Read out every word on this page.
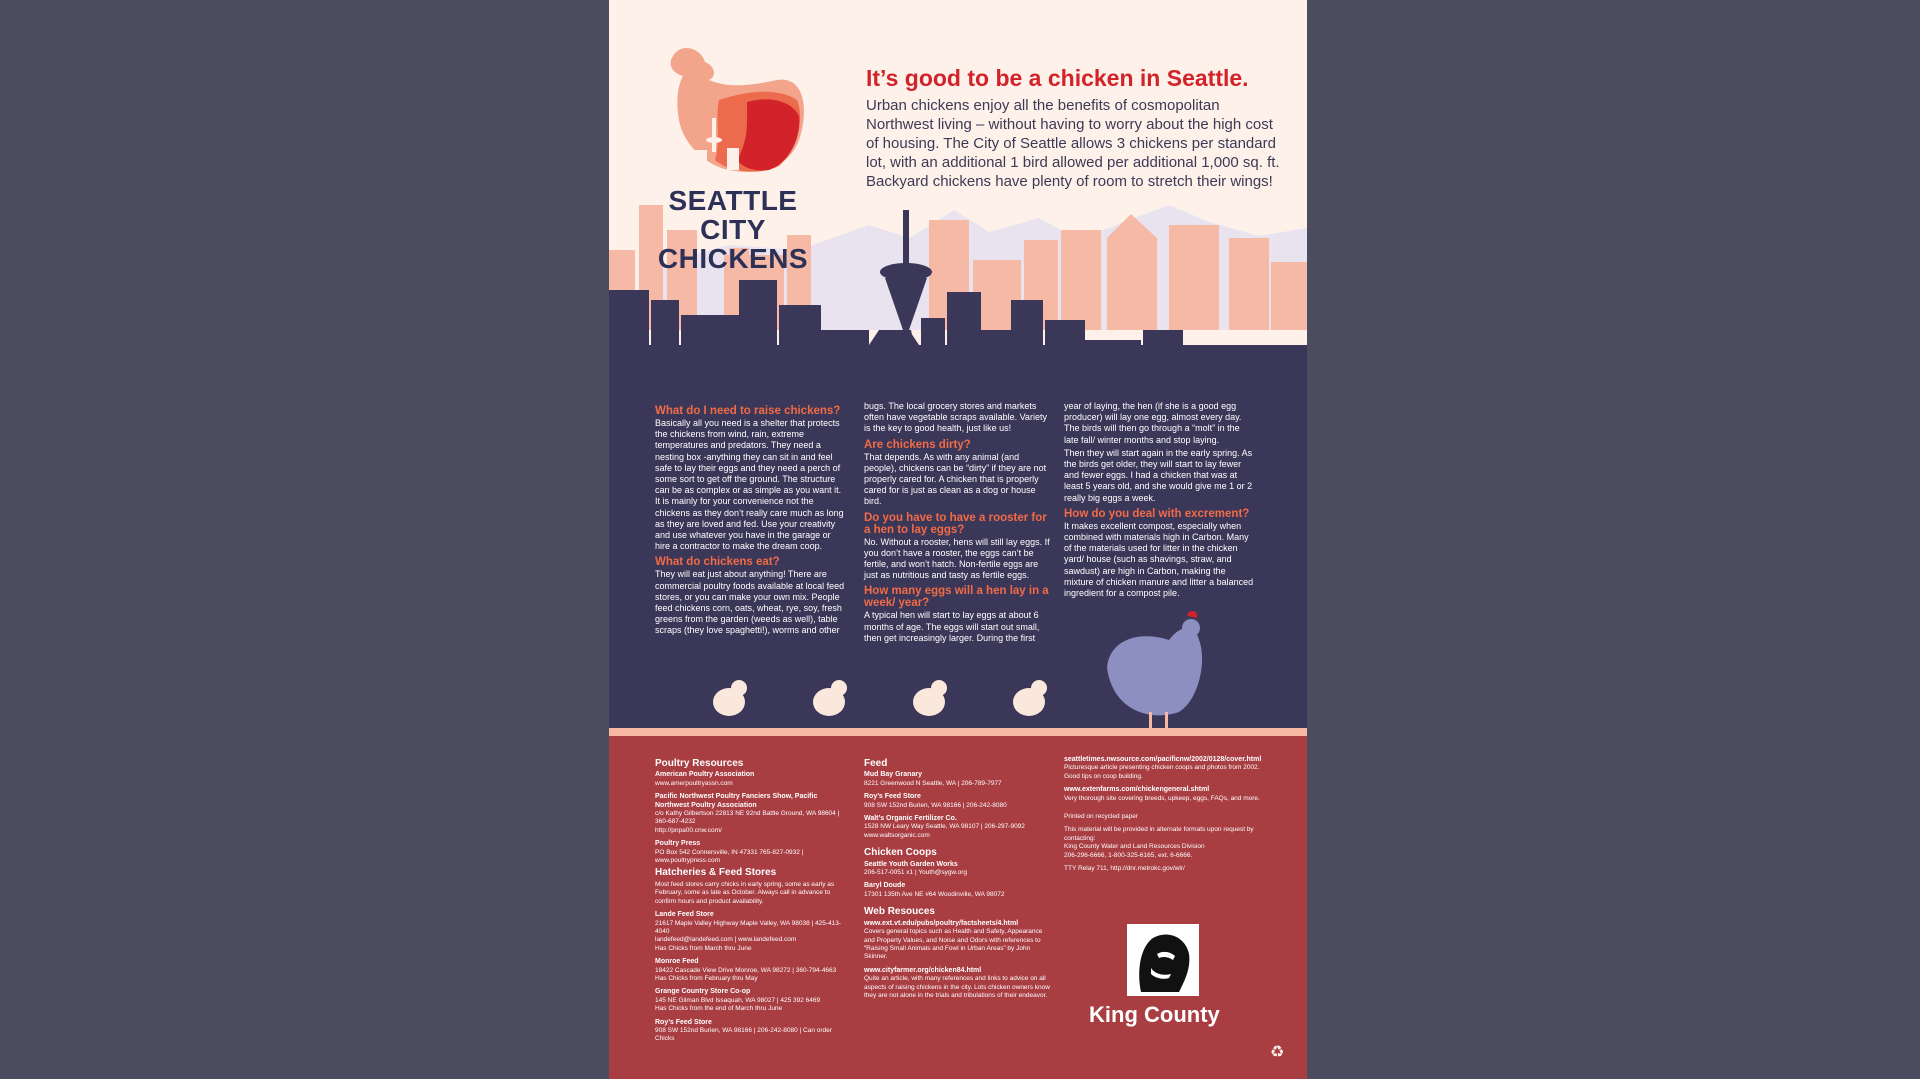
SEATTLE CITY
CHICKENS
It’s good to be a chicken in Seattle.
Urban chickens enjoy all the benefits of cosmopolitan Northwest living – without having to worry about the high cost of housing. The City of Seattle allows 3 chickens per standard lot, with an additional 1 bird allowed per additional 1,000 sq. ft. Backyard chickens have plenty of room to stretch their wings!
What do I need to raise chickens?

Basically all you need is a shelter that protects the chickens from wind, rain, extreme temperatures and predators. They need a nesting box -anything they can sit in and feel safe to lay their eggs and they need a perch of some sort to get off the ground. The structure can be as complex or as simple as you want it. It is mainly for your convenience not the chickens as they don’t really care much as long as they are loved and fed. Use your creativity and use whatever you have in the garage or hire a contractor to make the dream coop.

What do chickens eat?

They will eat just about anything! There are commercial poultry foods available at local feed stores, or you can make your own mix. People feed chickens corn, oats, wheat, rye, soy, fresh greens from the garden (weeds as well), table scraps (they love spaghetti!), worms and other

bugs. The local grocery stores and markets often have vegetable scraps available. Variety is the key to good health, just like us!

Are chickens dirty?

That depends. As with any animal (and people), chickens can be “dirty” if they are not properly cared for. A chicken that is properly cared for is just as clean as a dog or house bird.

Do you have to have a rooster for a hen to lay eggs?

No. Without a rooster, hens will still lay eggs. If you don’t have a rooster, the eggs can’t be fertile, and won’t hatch. Non-fertile eggs are just as nutritious and tasty as fertile eggs.

How many eggs will a hen lay in a week/ year?

A typical hen will start to lay eggs at about 6 months of age. The eggs will start out small, then get increasingly larger. During the first

year of laying, the hen (if she is a good egg producer) will lay one egg, almost every day. The birds will then go through a “molt” in the late fall/ winter months and stop laying.

Then they will start again in the early spring. As the birds get older, they will start to lay fewer and fewer eggs. I had a chicken that was at least 5 years old, and she would give me 1 or 2 really big eggs a week.

How do you deal with excrement?

It makes excellent compost, especially when combined with materials high in Carbon. Many of the materials used for litter in the chicken yard/ house (such as shavings, straw, and sawdust) are high in Carbon, making the mixture of chicken manure and litter a balanced ingredient for a compost pile.

Poultry Resources
American Poultry Association
www.amerpoultryassn.com
Pacific Northwest Poultry Fanciers Show, Pacific Northwest Poultry Association
c/o Kathy Gilbertson 22813 NE 92nd Battle Ground, WA 98604 | 360-687-4232
http://pnpa00.cnw.com/
Poultry Press
PO Box 542 Connersville, IN 47331 765-827-0932 | www.poultrypress.com
Hatcheries & Feed Stores
Most feed stores carry chicks in early spring, some as early as February, some as late as October. Always call in advance to confirm hours and product availability.
Lande Feed Store
21617 Maple Valley Highway Maple Valley, WA 98038 | 425-413-4040
landefeed@landefeed.com | www.landefeed.com
Has Chicks from March thru June
Monroe Feed
18422 Cascade View Drive Monroe, WA 98272 | 360-794-4663
Has Chicks from February thru May
Grange Country Store Co-op
145 NE Gilman Blvd Issaquah, WA 98027 | 425 392 6469
Has Chicks from the end of March thru June
Roy’s Feed Store
908 SW 152nd Burien, WA 98166 | 206-242-8080 | Can order Chicks
Feed
Mud Bay Granary
8221 Greenwood N Seattle, WA | 206-789-7977
Roy’s Feed Store
908 SW 152nd Burien, WA 98166 | 206-242-8080
Walt’s Organic Fertilizer Co.
1528 NW Leary Way Seattle, WA 98107 | 206-297-9092
www.waltsorganic.com
Chicken Coops
Seattle Youth Garden Works
206-517-0051 x1 | Youth@sygw.org
Baryl Doude
17301 135th Ave NE #64 Woodinville, WA 98072
Web Resouces
www.ext.vt.edu/pubs/poultry/factsheets/4.html
Covers general topics such as Health and Safety, Appearance and Property Values, and Noise and Odors with references to “Raising Small Animals and Fowl in Urban Areas” by John Skinner.
www.cityfarmer.org/chicken84.html
Quite an article, with many references and links to advice on all aspects of raising chickens in the city. Lots chicken owners know they are not alone in the trials and tribulations of their endeavor.
seattletimes.nwsource.com/pacificnw/2002/0128/cover.html
Picturesque article presenting chicken coops and photos from 2002. Good tips on coop building.
www.extenfarms.com/chickengeneral.shtml
Very thorough site covering breeds, upkeep, eggs, FAQs, and more.
Printed on recycled paper
This material will be provided in alternate formats upon request by contacting:
King County Water and Land Resources Division
206-296-6666, 1-800-325-6165, ext. 6-6666.
TTY Relay 711, http://dnr.metrokc.gov/wlr/
King County
♻
